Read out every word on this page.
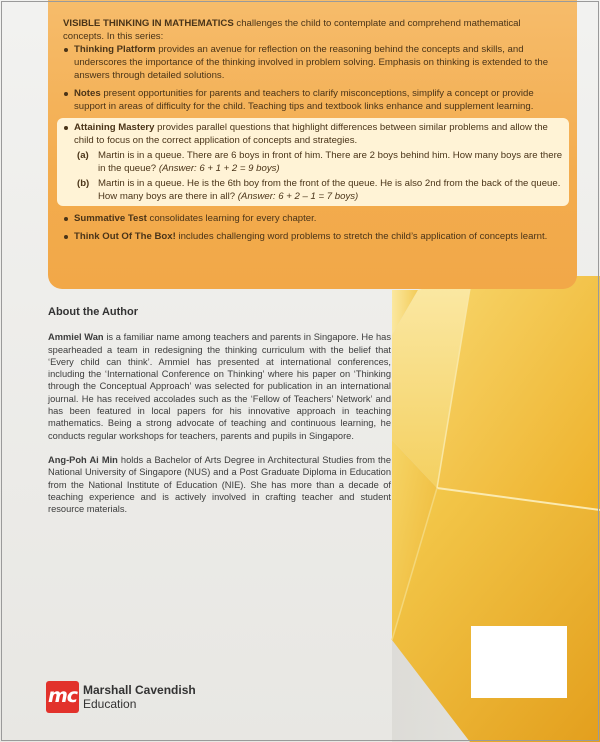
VISIBLE THINKING IN MATHEMATICS challenges the child to contemplate and comprehend mathematical concepts. In this series:

Thinking Platform provides an avenue for reflection on the reasoning behind the concepts and skills, and underscores the importance of the thinking involved in problem solving. Emphasis on thinking is extended to the answers through detailed solutions.
Notes present opportunities for parents and teachers to clarify misconceptions, simplify a concept or provide support in areas of difficulty for the child. Teaching tips and textbook links enhance and supplement learning.

Attaining Mastery provides parallel questions that highlight differences between similar problems and allow the child to focus on the correct application of concepts and strategies.

(a) Martin is in a queue. There are 6 boys in front of him. There are 2 boys behind him. How many boys are there in the queue? (Answer: 6 + 1 + 2 = 9 boys)
(b) Martin is in a queue. He is the 6th boy from the front of the queue. He is also 2nd from the back of the queue. How many boys are there in all? (Answer: 6 + 2 – 1 = 7 boys)
Summative Test consolidates learning for every chapter.
Think Out Of The Box! includes challenging word problems to stretch the child’s application of concepts learnt.
About the Author

Ammiel Wan is a familiar name among teachers and parents in Singapore. He has spearheaded a team in redesigning the thinking curriculum with the belief that ‘Every child can think’. Ammiel has presented at international conferences, including the ‘International Conference on Thinking’ where his paper on ‘Thinking through the Conceptual Approach’ was selected for publication in an international journal. He has received accolades such as the ‘Fellow of Teachers’ Network’ and has been featured in local papers for his innovative approach in teaching mathematics. Being a strong advocate of teaching and continuous learning, he conducts regular workshops for teachers, parents and pupils in Singapore.

Ang-Poh Ai Min holds a Bachelor of Arts Degree in Architectural Studies from the National University of Singapore (NUS) and a Post Graduate Diploma in Education from the National Institute of Education (NIE). She has more than a decade of teaching experience and is actively involved in crafting teacher and student resource materials.

mc Marshall Cavendish
Education
